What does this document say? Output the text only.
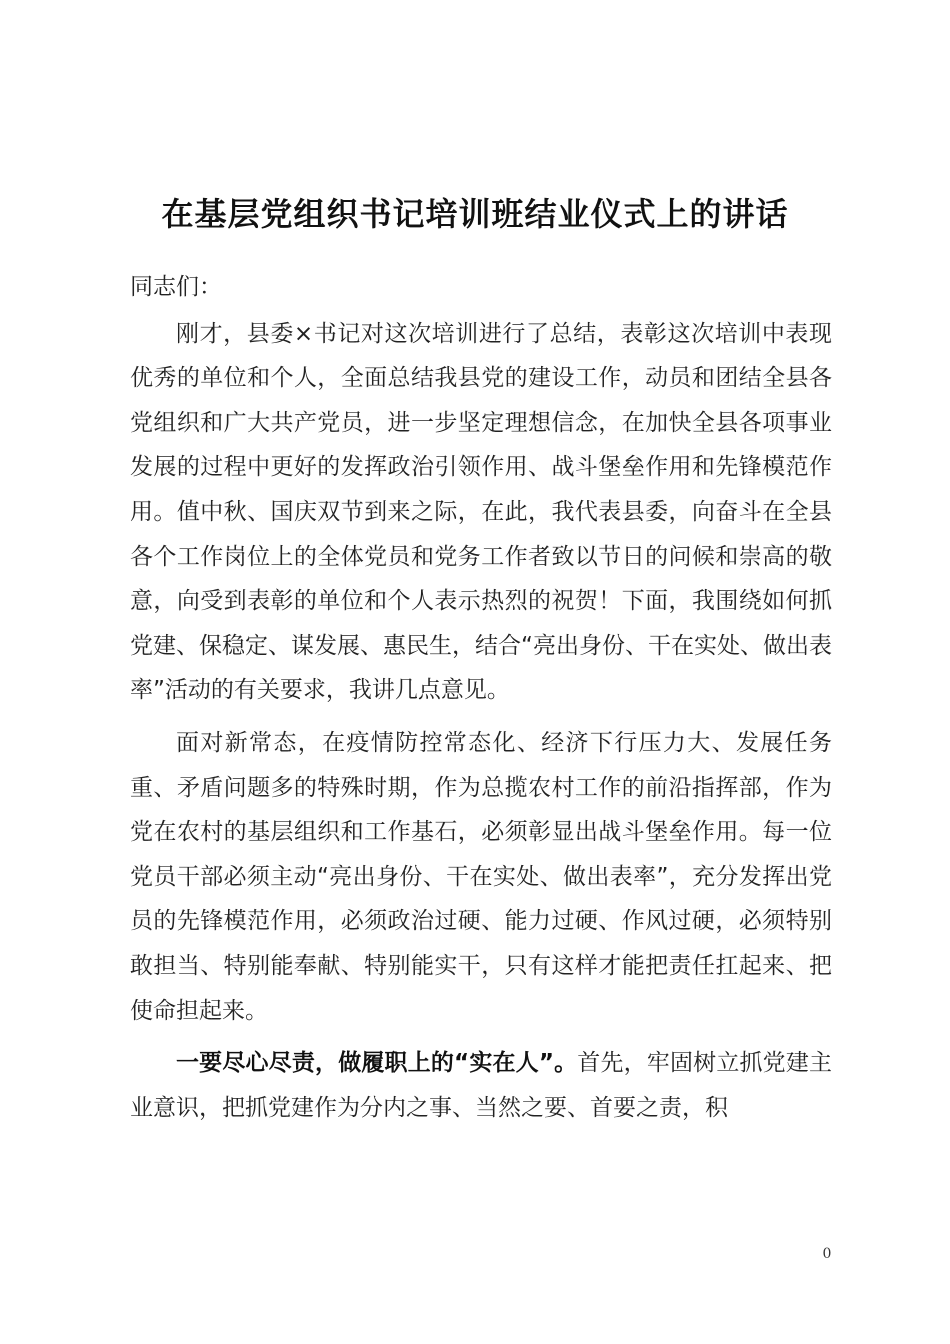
在基层党组织书记培训班结业仪式上的讲话

同志们：

刚才，县委×书记对这次培训进行了总结，表彰这次培训中表现优秀的单位和个人，全面总结我县党的建设工作，动员和团结全县各党组织和广大共产党员，进一步坚定理想信念，在加快全县各项事业发展的过程中更好的发挥政治引领作用、战斗堡垒作用和先锋模范作用。值中秋、国庆双节到来之际，在此，我代表县委，向奋斗在全县各个工作岗位上的全体党员和党务工作者致以节日的问候和崇高的敬意，向受到表彰的单位和个人表示热烈的祝贺！下面，我围绕如何抓党建、保稳定、谋发展、惠民生，结合“亮出身份、干在实处、做出表率”活动的有关要求，我讲几点意见。

面对新常态，在疫情防控常态化、经济下行压力大、发展任务重、矛盾问题多的特殊时期，作为总揽农村工作的前沿指挥部，作为党在农村的基层组织和工作基石，必须彰显出战斗堡垒作用。每一位党员干部必须主动“亮出身份、干在实处、做出表率”，充分发挥出党员的先锋模范作用，必须政治过硬、能力过硬、作风过硬，必须特别敢担当、特别能奉献、特别能实干，只有这样才能把责任扛起来、把使命担起来。

一要尽心尽责，做履职上的“实在人”。首先，牢固树立抓党建主业意识，把抓党建作为分内之事、当然之要、首要之责，积

0
